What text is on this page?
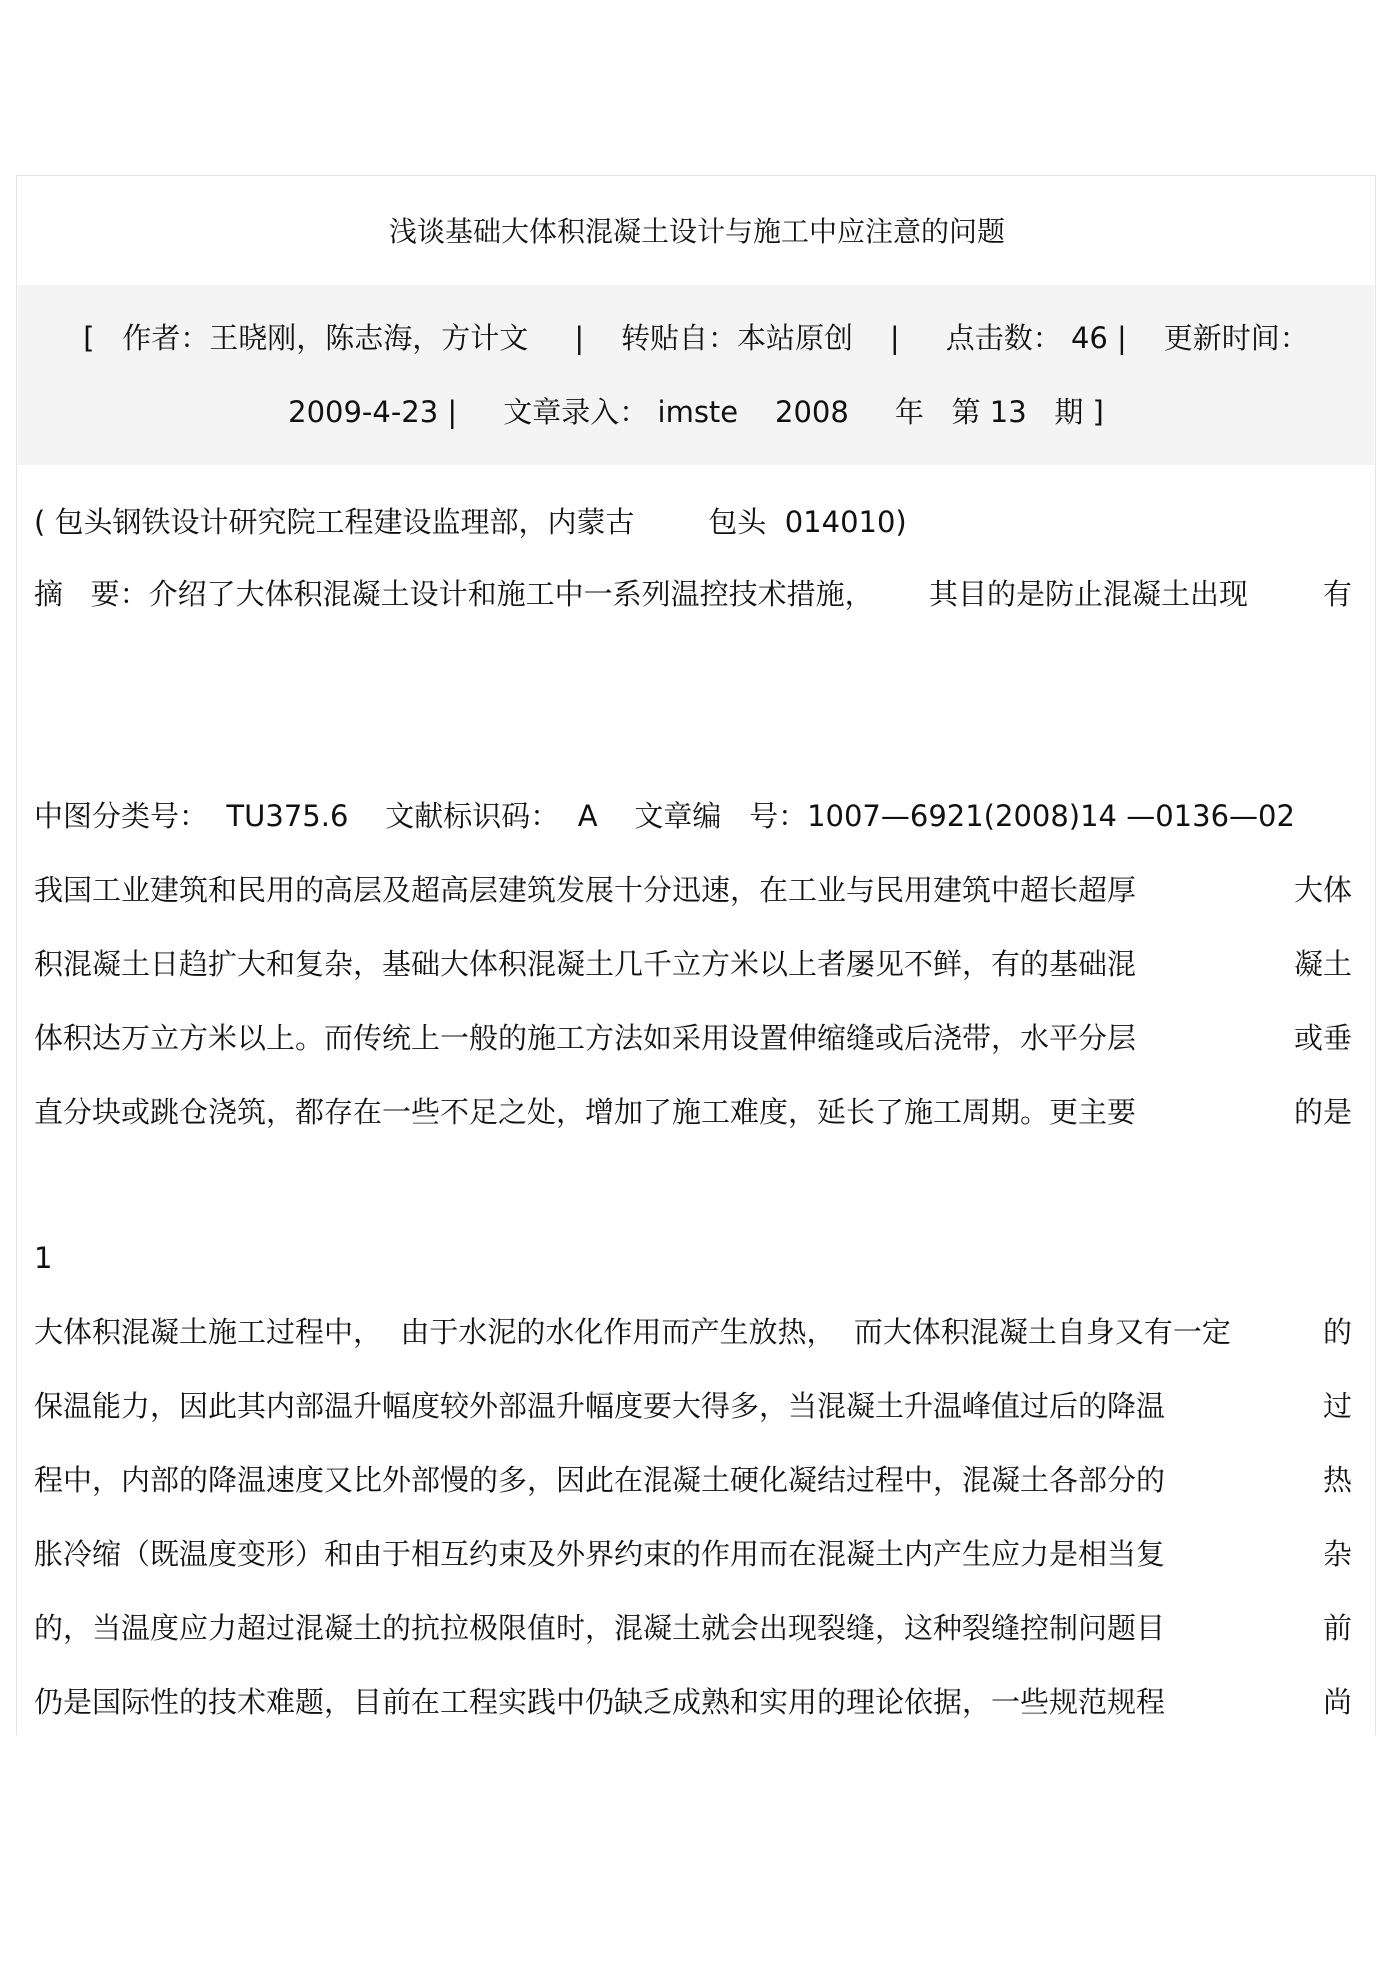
浅谈基础大体积混凝土设计与施工中应注意的问题
[   作者：王晓刚，陈志海，方计文     |    转贴自：本站原创    |     点击数： 46 |    更新时间：
2009-4-23 |     文章录入： imste    2008     年   第 13   期 ]
( 包头钢铁设计研究院工程建设监理部，内蒙古        包头  014010)
摘   要：介绍了大体积混凝土设计和施工中一系列温控技术措施，      其目的是防止混凝土出现	有
中图分类号：  TU375.6    文献标识码：  A    文章编   号：1007—6921(2008)14 —0136—02
我国工业建筑和民用的高层及超高层建筑发展十分迅速，在工业与民用建筑中超长超厚	大体
积混凝土日趋扩大和复杂，基础大体积混凝土几千立方米以上者屡见不鲜，有的基础混	凝土
体积达万立方米以上。而传统上一般的施工方法如采用设置伸缩缝或后浇带，水平分层	或垂
直分块或跳仓浇筑，都存在一些不足之处，增加了施工难度，延长了施工周期。更主要	的是
1
大体积混凝土施工过程中，  由于水泥的水化作用而产生放热，  而大体积混凝土自身又有一定	的
保温能力，因此其内部温升幅度较外部温升幅度要大得多，当混凝土升温峰值过后的降温	过
程中，内部的降温速度又比外部慢的多，因此在混凝土硬化凝结过程中，混凝土各部分的	热
胀冷缩（既温度变形）和由于相互约束及外界约束的作用而在混凝土内产生应力是相当复	杂
的，当温度应力超过混凝土的抗拉极限值时，混凝土就会出现裂缝，这种裂缝控制问题目	前
仍是国际性的技术难题，目前在工程实践中仍缺乏成熟和实用的理论依据，一些规范规程	尚
